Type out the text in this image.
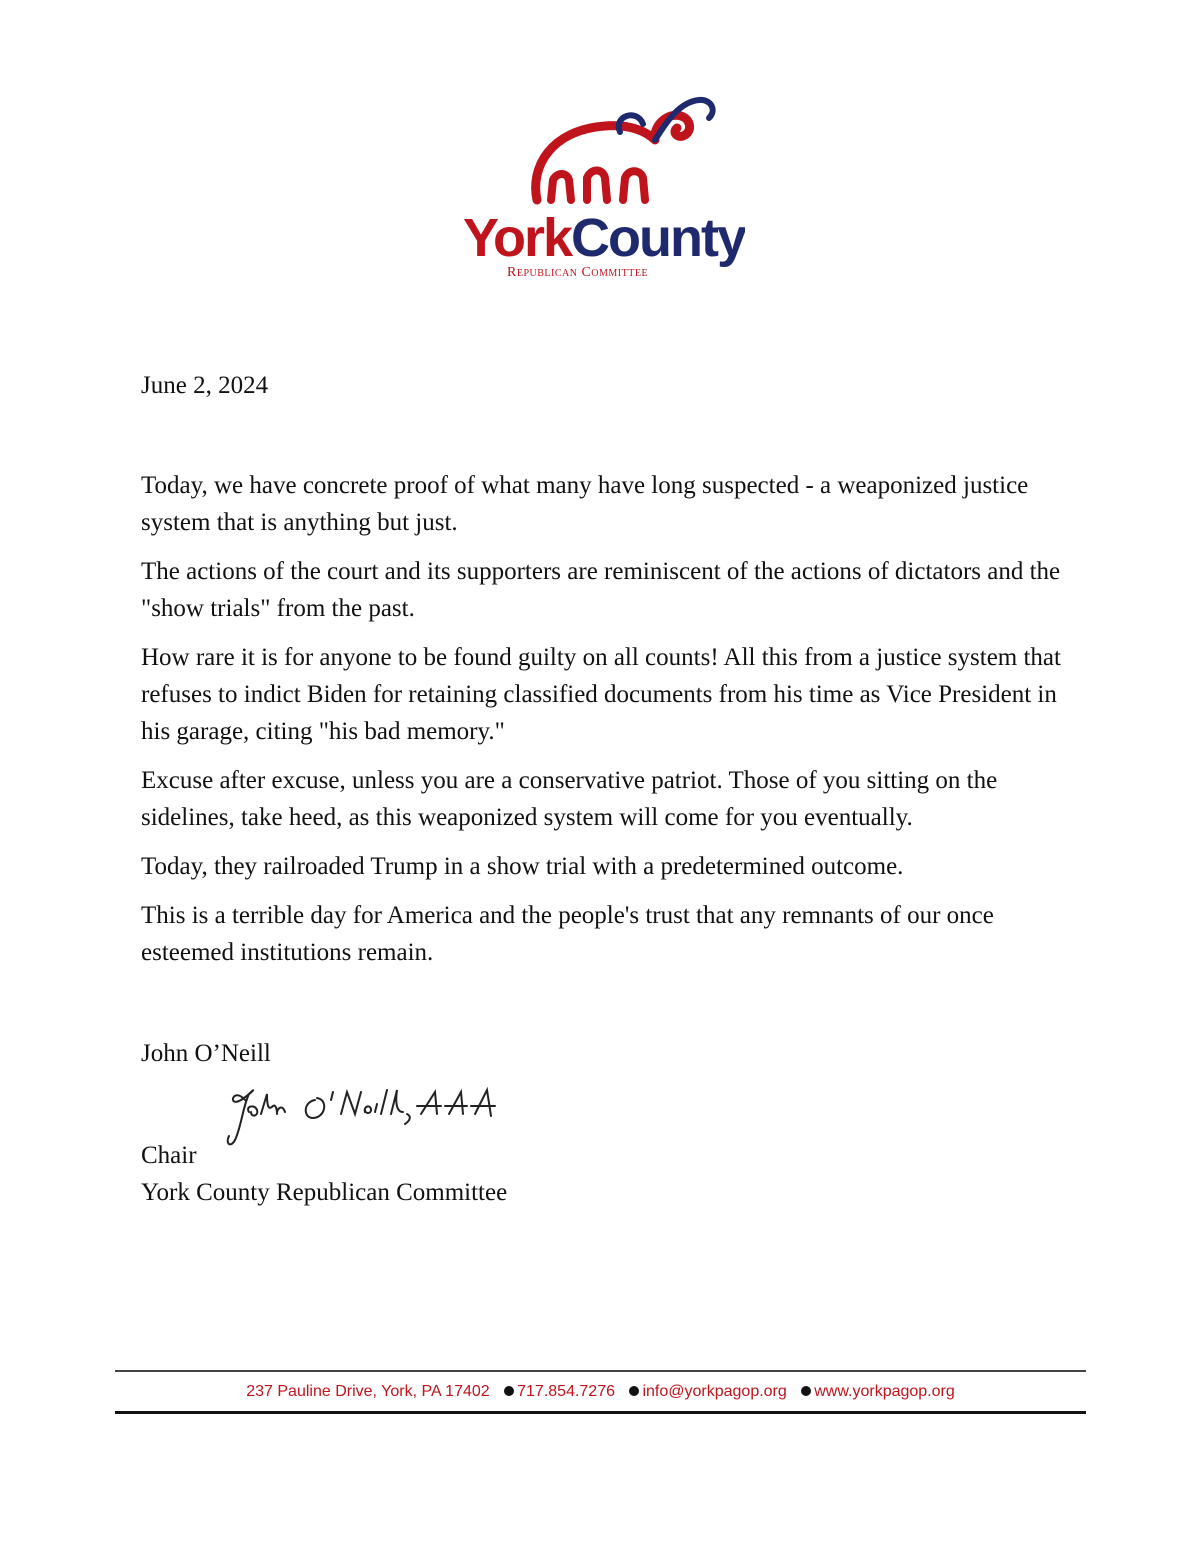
YorkCounty
Republican Committee
June 2, 2024

Today, we have concrete proof of what many have long suspected - a weaponized justice system that is anything but just.

The actions of the court and its supporters are reminiscent of the actions of dictators and the "show trials" from the past.

How rare it is for anyone to be found guilty on all counts! All this from a justice system that refuses to indict Biden for retaining classified documents from his time as Vice President in his garage, citing "his bad memory."

Excuse after excuse, unless you are a conservative patriot. Those of you sitting on the sidelines, take heed, as this weaponized system will come for you eventually.

Today, they railroaded Trump in a show trial with a predetermined outcome.

This is a terrible day for America and the people's trust that any remnants of our once esteemed institutions remain.

John O’Neill
Chair
York County Republican Committee
237 Pauline Drive, York, PA 17402 717.854.7276 info@yorkpagop.org www.yorkpagop.org
